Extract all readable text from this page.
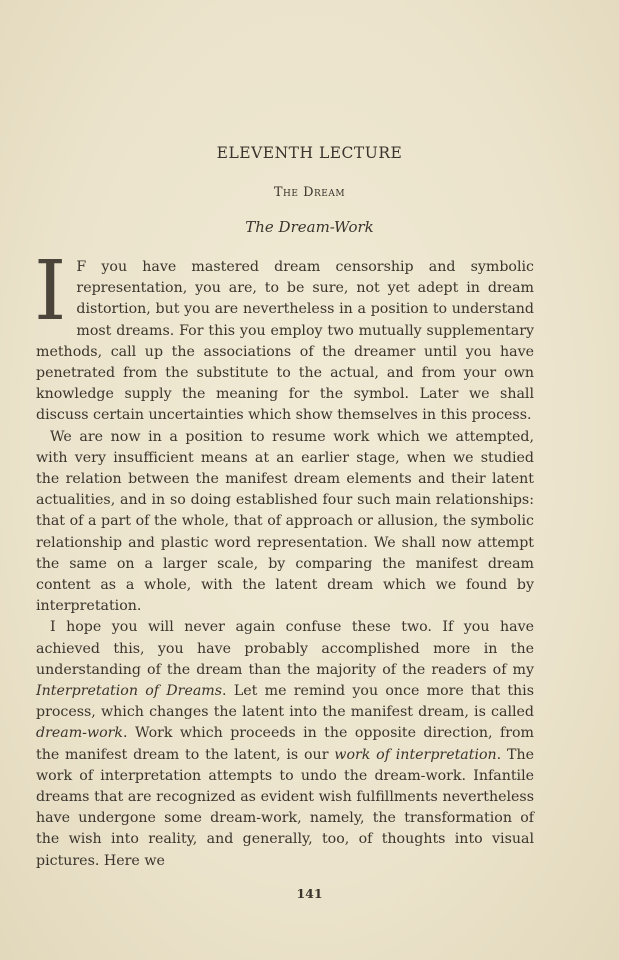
ELEVENTH LECTURE
The Dream
The Dream-Work

I F you have mastered dream censorship and symbolic representation, you are, to be sure, not yet adept in dream distortion, but you are nevertheless in a position to understand most dreams. For this you employ two mutually supplementary methods, call up the associations of the dreamer until you have penetrated from the substitute to the actual, and from your own knowledge supply the meaning for the symbol. Later we shall discuss certain uncertainties which show themselves in this process.

We are now in a position to resume work which we attempted, with very insufficient means at an earlier stage, when we studied the relation between the manifest dream elements and their latent actualities, and in so doing established four such main relationships: that of a part of the whole, that of approach or allusion, the symbolic relationship and plastic word representation. We shall now attempt the same on a larger scale, by comparing the manifest dream content as a whole, with the latent dream which we found by interpretation.

I hope you will never again confuse these two. If you have achieved this, you have probably accomplished more in the understanding of the dream than the majority of the readers of my Interpretation of Dreams. Let me remind you once more that this process, which changes the latent into the manifest dream, is called dream-work. Work which proceeds in the opposite direction, from the manifest dream to the latent, is our work of interpretation. The work of interpretation attempts to undo the dream-work. Infantile dreams that are recognized as evident wish fulfillments nevertheless have undergone some dream-work, namely, the transformation of the wish into reality, and generally, too, of thoughts into visual pictures. Here we

141
